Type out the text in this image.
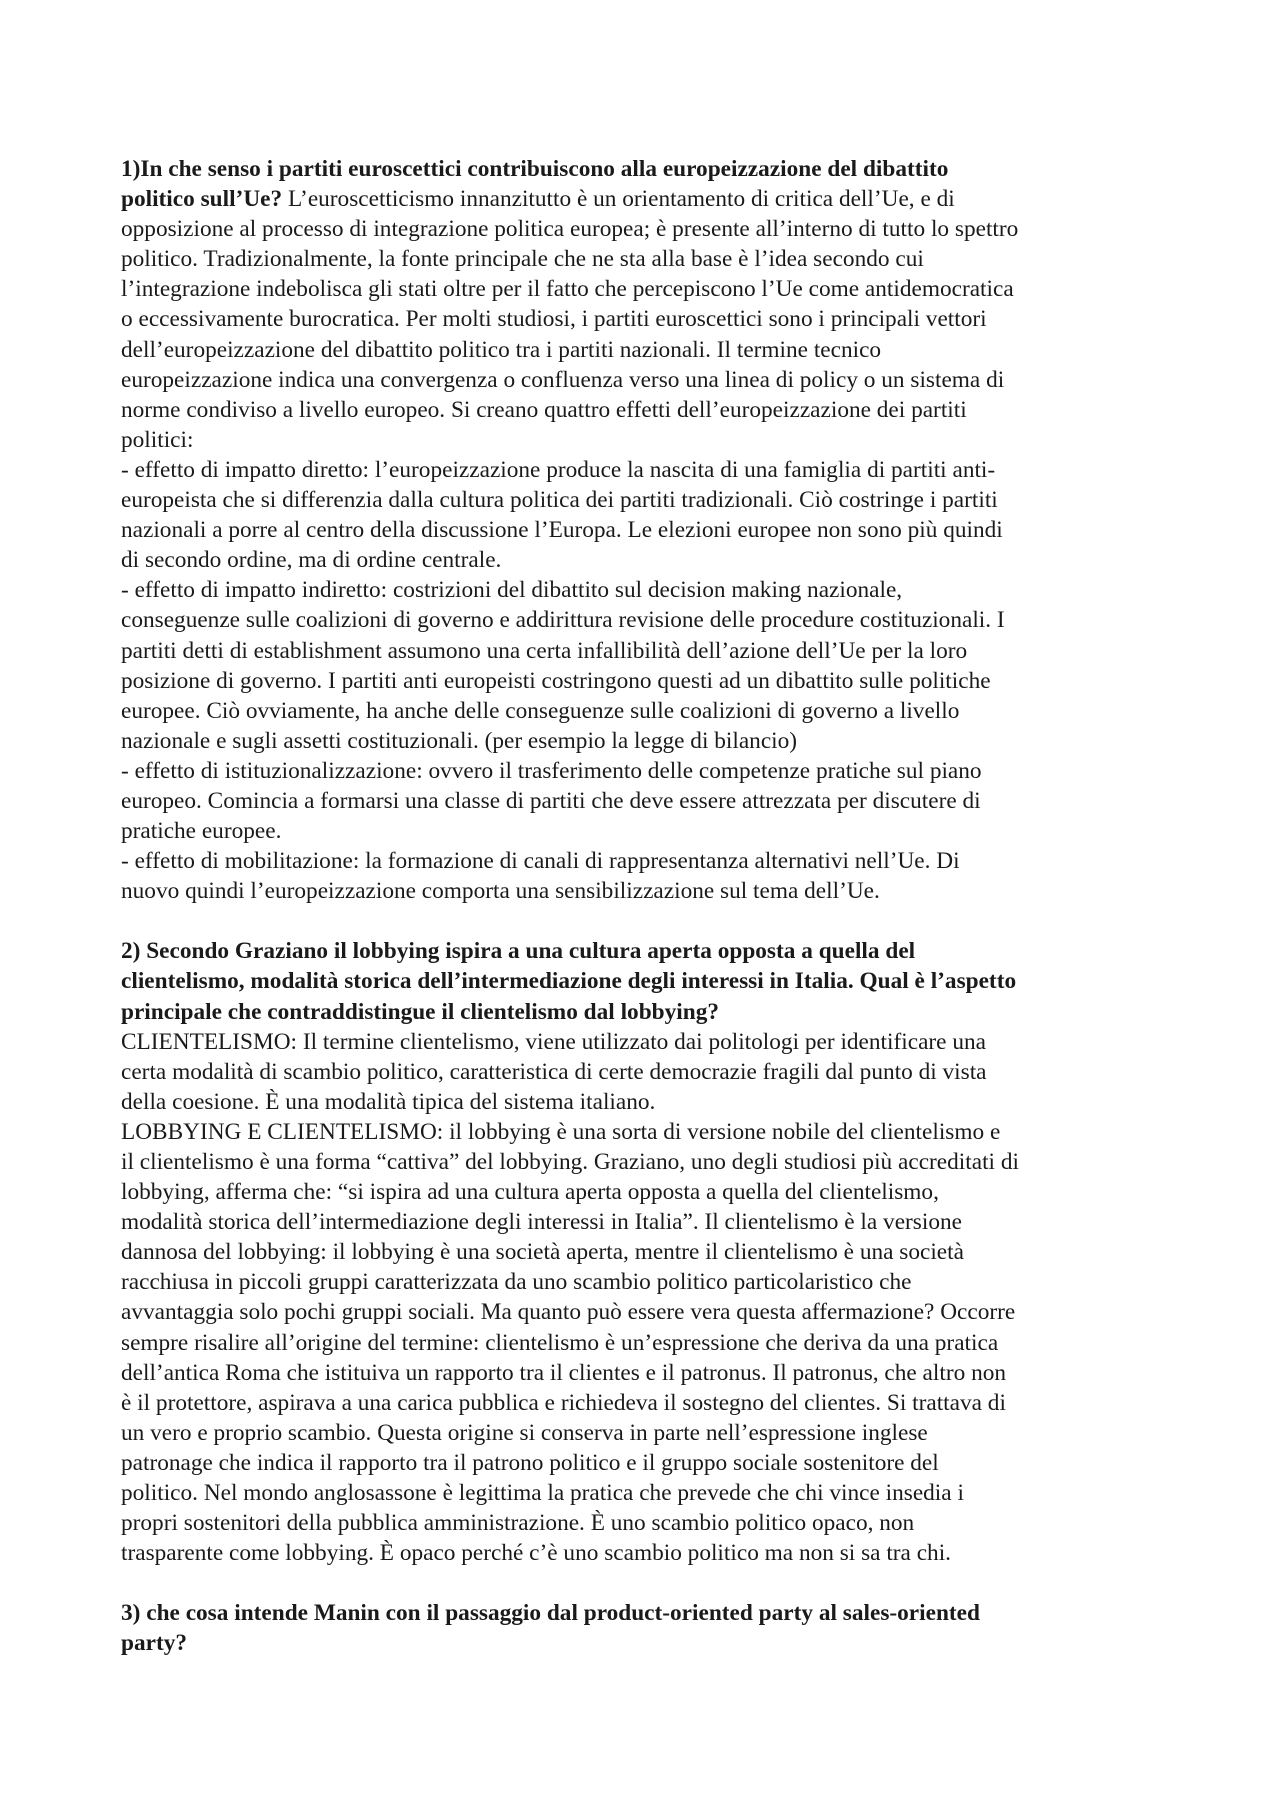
1)In che senso i partiti euroscettici contribuiscono alla europeizzazione del dibattito
politico sull’Ue? L’euroscetticismo innanzitutto è un orientamento di critica dell’Ue, e di
opposizione al processo di integrazione politica europea; è presente all’interno di tutto lo spettro
politico. Tradizionalmente, la fonte principale che ne sta alla base è l’idea secondo cui
l’integrazione indebolisca gli stati oltre per il fatto che percepiscono l’Ue come antidemocratica
o eccessivamente burocratica. Per molti studiosi, i partiti euroscettici sono i principali vettori
dell’europeizzazione del dibattito politico tra i partiti nazionali. Il termine tecnico
europeizzazione indica una convergenza o confluenza verso una linea di policy o un sistema di
norme condiviso a livello europeo. Si creano quattro effetti dell’europeizzazione dei partiti
politici:
- effetto di impatto diretto: l’europeizzazione produce la nascita di una famiglia di partiti anti-
europeista che si differenzia dalla cultura politica dei partiti tradizionali. Ciò costringe i partiti
nazionali a porre al centro della discussione l’Europa. Le elezioni europee non sono più quindi
di secondo ordine, ma di ordine centrale.
- effetto di impatto indiretto: costrizioni del dibattito sul decision making nazionale,
conseguenze sulle coalizioni di governo e addirittura revisione delle procedure costituzionali. I
partiti detti di establishment assumono una certa infallibilità dell’azione dell’Ue per la loro
posizione di governo. I partiti anti europeisti costringono questi ad un dibattito sulle politiche
europee. Ciò ovviamente, ha anche delle conseguenze sulle coalizioni di governo a livello
nazionale e sugli assetti costituzionali. (per esempio la legge di bilancio)
- effetto di istituzionalizzazione: ovvero il trasferimento delle competenze pratiche sul piano
europeo. Comincia a formarsi una classe di partiti che deve essere attrezzata per discutere di
pratiche europee.
- effetto di mobilitazione: la formazione di canali di rappresentanza alternativi nell’Ue. Di
nuovo quindi l’europeizzazione comporta una sensibilizzazione sul tema dell’Ue.
2) Secondo Graziano il lobbying ispira a una cultura aperta opposta a quella del
clientelismo, modalità storica dell’intermediazione degli interessi in Italia. Qual è l’aspetto
principale che contraddistingue il clientelismo dal lobbying?
CLIENTELISMO: Il termine clientelismo, viene utilizzato dai politologi per identificare una
certa modalità di scambio politico, caratteristica di certe democrazie fragili dal punto di vista
della coesione. È una modalità tipica del sistema italiano.
LOBBYING E CLIENTELISMO: il lobbying è una sorta di versione nobile del clientelismo e
il clientelismo è una forma “cattiva” del lobbying. Graziano, uno degli studiosi più accreditati di
lobbying, afferma che: “si ispira ad una cultura aperta opposta a quella del clientelismo,
modalità storica dell’intermediazione degli interessi in Italia”. Il clientelismo è la versione
dannosa del lobbying: il lobbying è una società aperta, mentre il clientelismo è una società
racchiusa in piccoli gruppi caratterizzata da uno scambio politico particolaristico che
avvantaggia solo pochi gruppi sociali. Ma quanto può essere vera questa affermazione? Occorre
sempre risalire all’origine del termine: clientelismo è un’espressione che deriva da una pratica
dell’antica Roma che istituiva un rapporto tra il clientes e il patronus. Il patronus, che altro non
è il protettore, aspirava a una carica pubblica e richiedeva il sostegno del clientes. Si trattava di
un vero e proprio scambio. Questa origine si conserva in parte nell’espressione inglese
patronage che indica il rapporto tra il patrono politico e il gruppo sociale sostenitore del
politico. Nel mondo anglosassone è legittima la pratica che prevede che chi vince insedia i
propri sostenitori della pubblica amministrazione. È uno scambio politico opaco, non
trasparente come lobbying. È opaco perché c’è uno scambio politico ma non si sa tra chi.
3) che cosa intende Manin con il passaggio dal product-oriented party al sales-oriented
party?
